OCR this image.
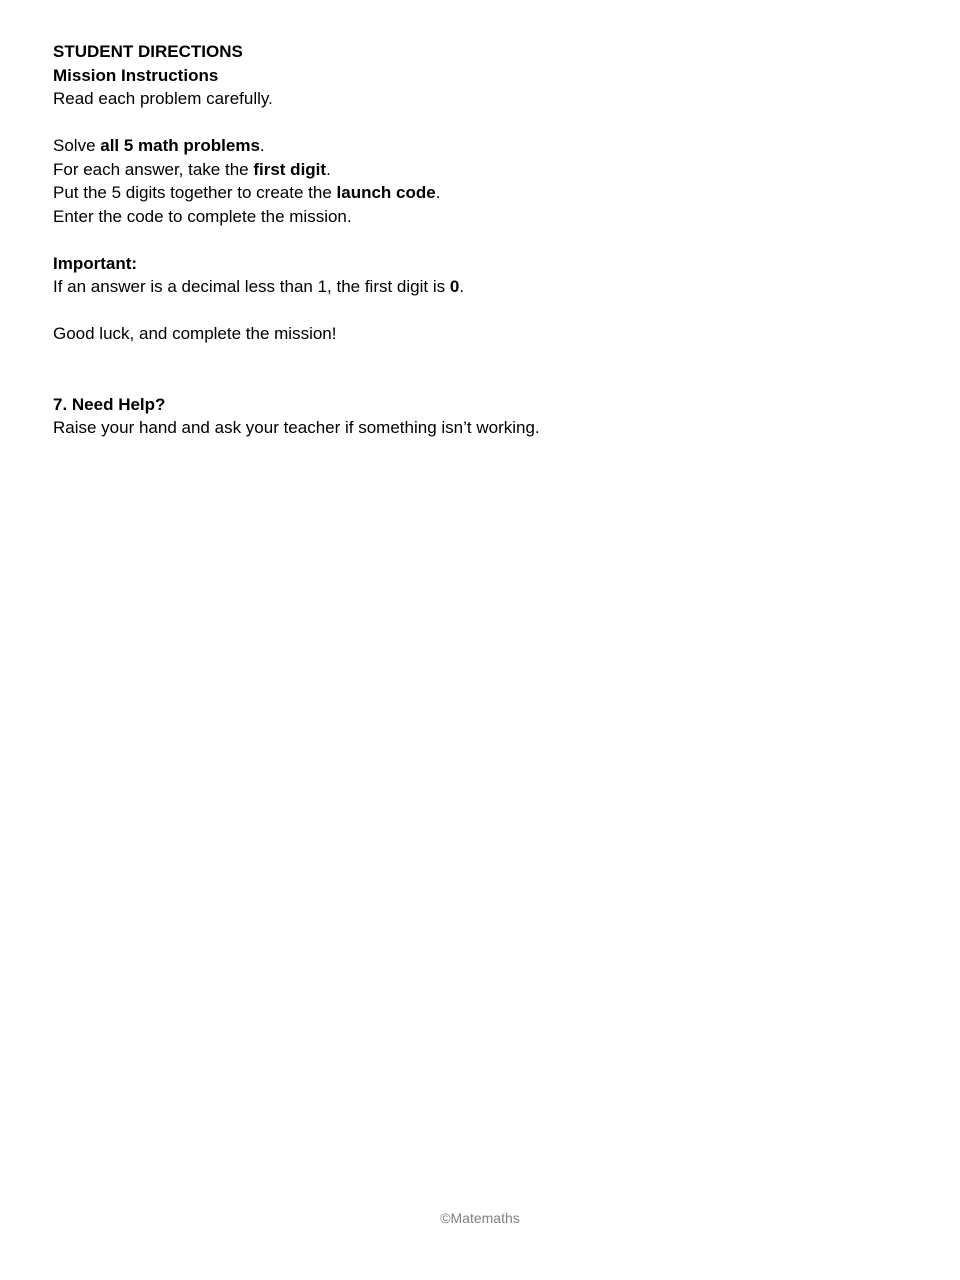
STUDENT DIRECTIONS
Mission Instructions
Read each problem carefully.
Solve all 5 math problems.
For each answer, take the first digit.
Put the 5 digits together to create the launch code.
Enter the code to complete the mission.
Important:
If an answer is a decimal less than 1, the first digit is 0.
Good luck, and complete the mission!
7. Need Help?
Raise your hand and ask your teacher if something isn’t working.
©Matemaths
